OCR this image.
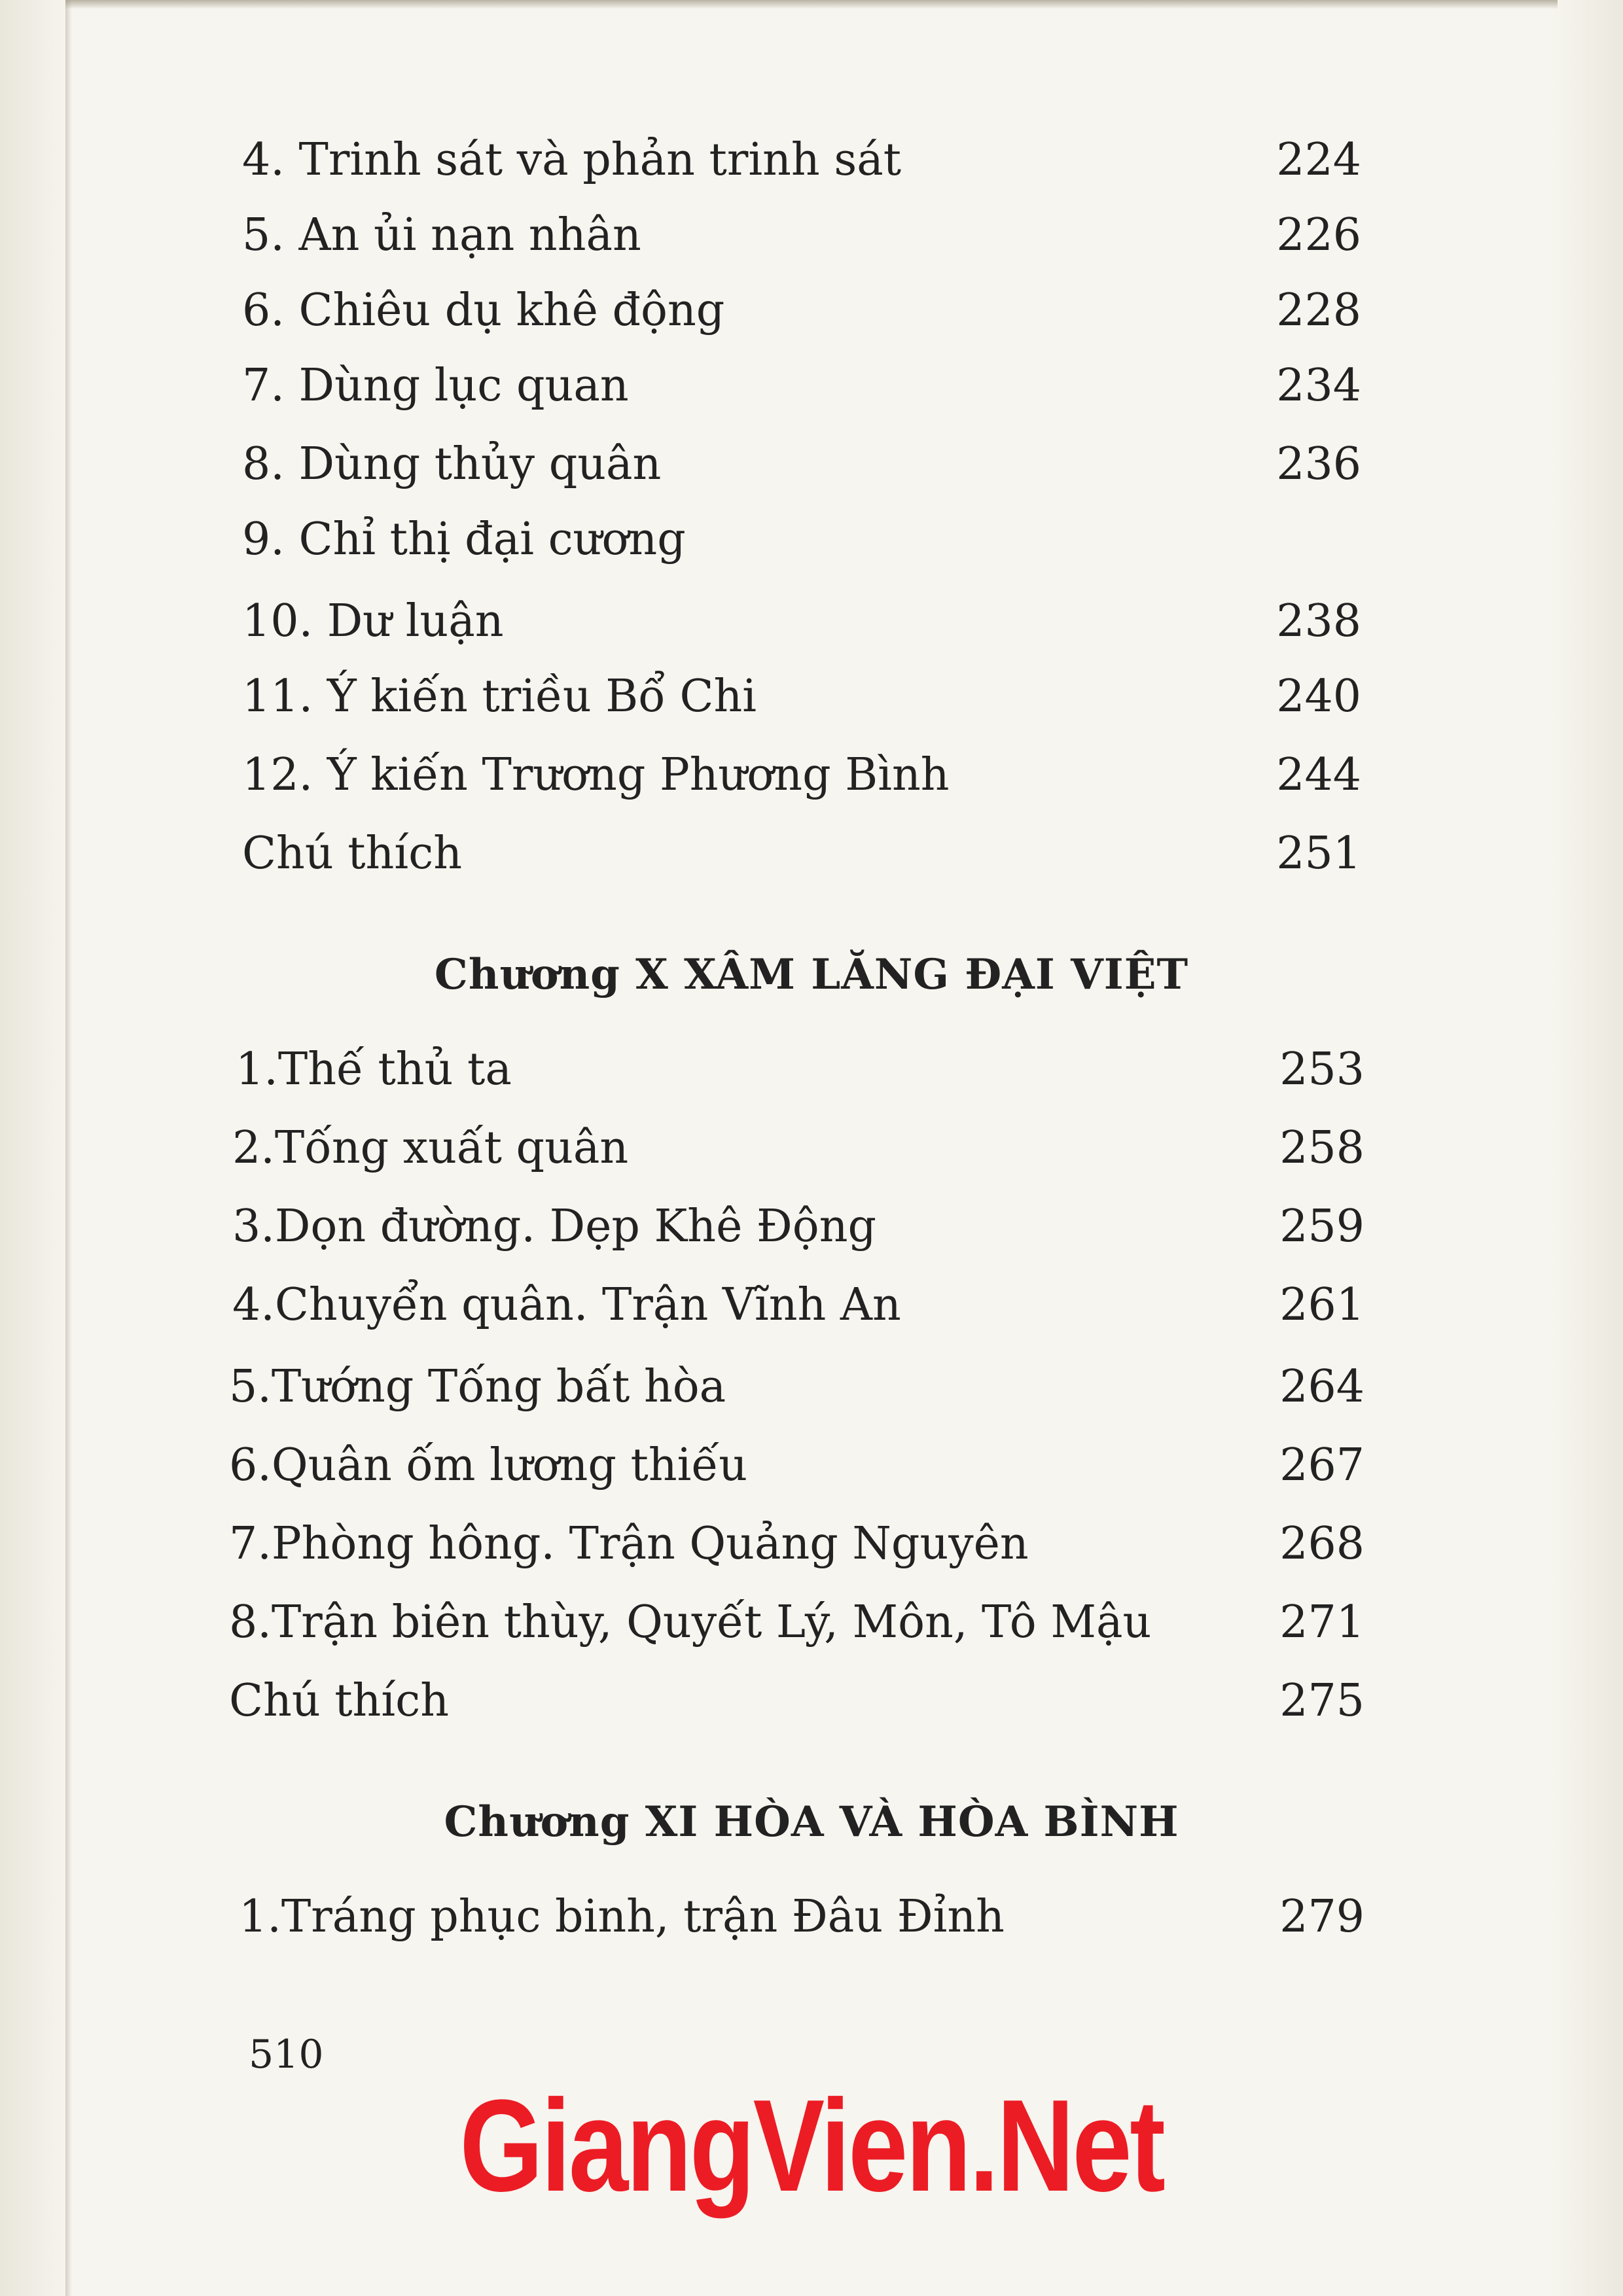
4. Trinh sát và phản trinh sát	224
5. An ủi nạn nhân	226
6. Chiêu dụ khê động	228
7. Dùng lục quan	234
8. Dùng thủy quân	236
9. Chỉ thị đại cương
10. Dư luận	238
11. Ý kiến triều Bổ Chi	240
12. Ý kiến Trương Phương Bình	244
Chú thích	251
Chương X XÂM LĂNG ĐẠI VIỆT
1.Thế thủ ta	253
2.Tống xuất quân	258
3.Dọn đường. Dẹp Khê Động	259
4.Chuyển quân. Trận Vĩnh An	261
5.Tướng Tống bất hòa	264
6.Quân ốm lương thiếu	267
7.Phòng hông. Trận Quảng Nguyên	268
8.Trận biên thùy, Quyết Lý, Môn, Tô Mậu	271
Chú thích	275
Chương XI HÒA VÀ HÒA BÌNH
1.Tráng phục binh, trận Đâu Đỉnh	279
510
GiangVien.Net
